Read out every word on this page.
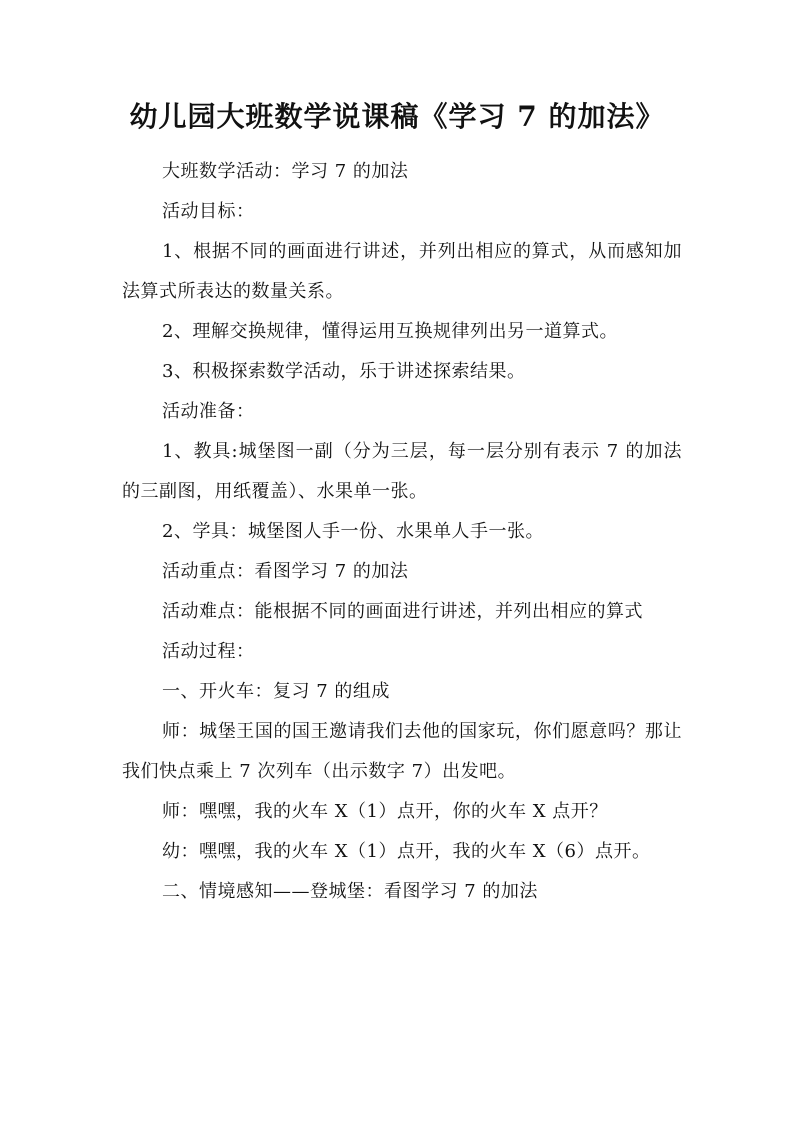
幼儿园大班数学说课稿《学习 7 的加法》

大班数学活动：学习 7 的加法

活动目标：

1、根据不同的画面进行讲述，并列出相应的算式，从而感知加法算式所表达的数量关系。

2、理解交换规律，懂得运用互换规律列出另一道算式。

3、积极探索数学活动，乐于讲述探索结果。

活动准备：

1、教具:城堡图一副（分为三层，每一层分别有表示 7 的加法的三副图，用纸覆盖）、水果单一张。

2、学具：城堡图人手一份、水果单人手一张。

活动重点：看图学习 7 的加法

活动难点：能根据不同的画面进行讲述，并列出相应的算式

活动过程：

一、开火车：复习 7 的组成

师：城堡王国的国王邀请我们去他的国家玩，你们愿意吗？那让我们快点乘上 7 次列车（出示数字 7）出发吧。

师：嘿嘿，我的火车 X（1）点开，你的火车 X 点开？

幼：嘿嘿，我的火车 X（1）点开，我的火车 X（6）点开。

二、情境感知——登城堡：看图学习 7 的加法
